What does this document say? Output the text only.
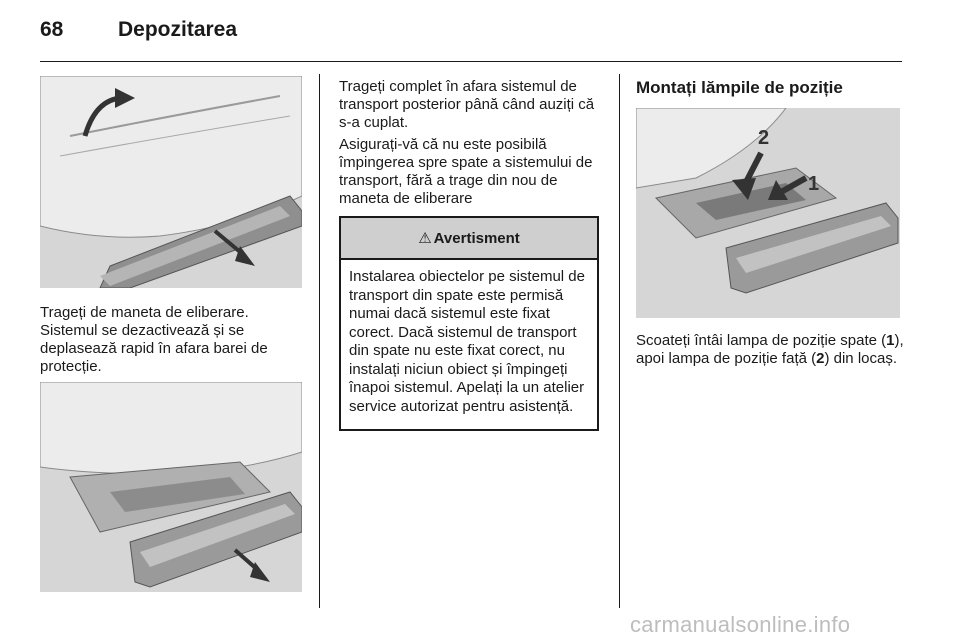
68	Depozitarea

Trageți de maneta de eliberare. Sistemul se dezactivează și se deplasează rapid în afara barei de protecție.

Trageți complet în afara sistemul de transport posterior până când auziți că s-a cuplat.

Asigurați-vă că nu este posibilă împingerea spre spate a sistemului de transport, fără a trage din nou de maneta de eliberare

⚠ Avertisment

Instalarea obiectelor pe sistemul de transport din spate este permisă numai dacă sistemul este fixat corect. Dacă sistemul de transport din spate nu este fixat corect, nu instalați niciun obiect și împingeți înapoi sistemul. Apelați la un atelier service autorizat pentru asistență.

Montați lămpile de poziție
2
1

Scoateți întâi lampa de poziție spate (1), apoi lampa de poziție față (2) din locaș.

carmanualsonline.info
